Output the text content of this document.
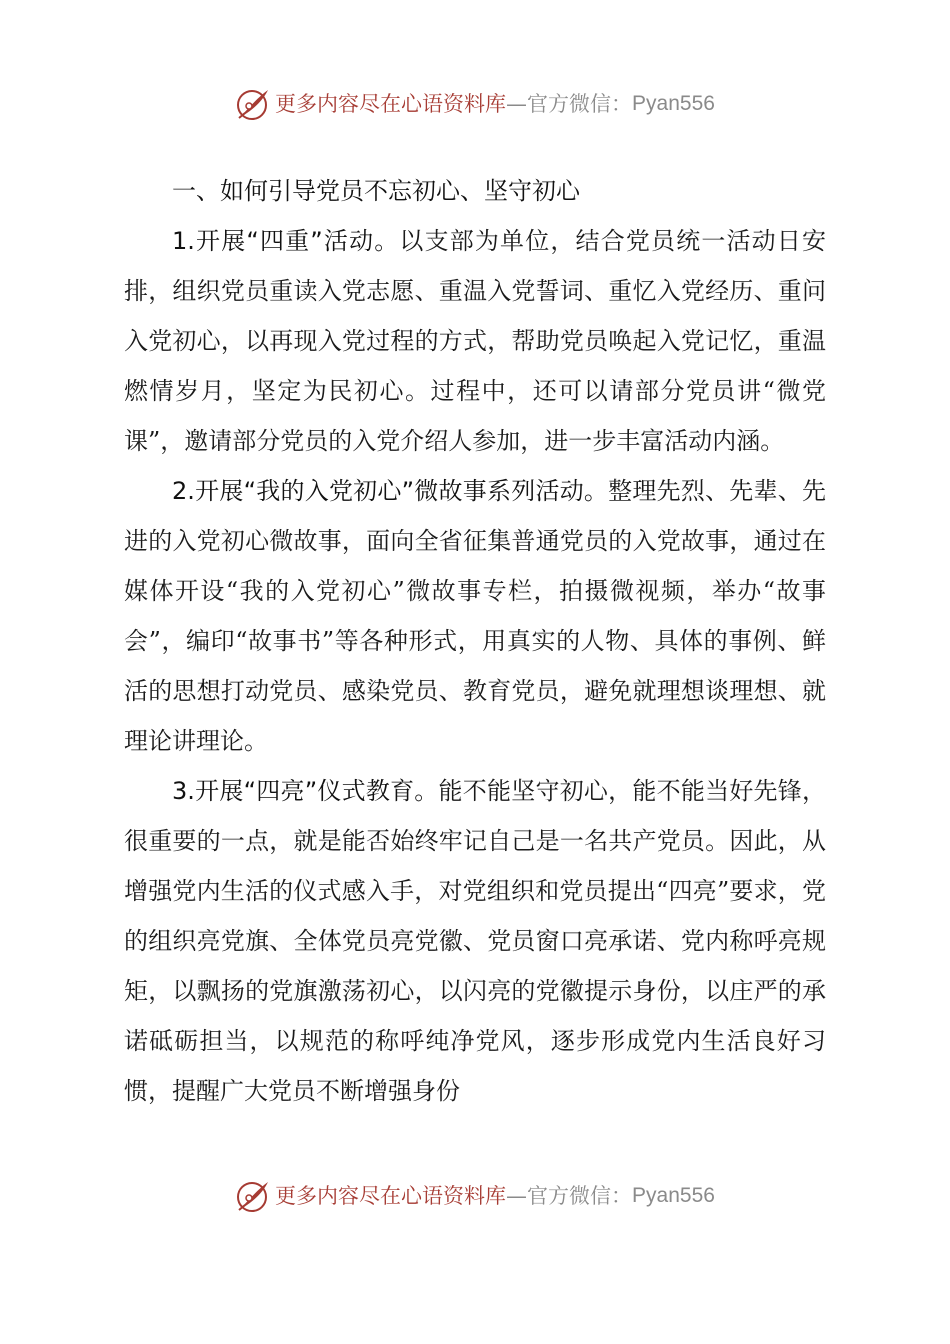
更多内容尽在心语资料库 — 官方微信： Pyan556
一、如何引导党员不忘初心、坚守初心

1.开展“四重”活动。以支部为单位，结合党员统一活动日安排，组织党员重读入党志愿、重温入党誓词、重忆入党经历、重问入党初心，以再现入党过程的方式，帮助党员唤起入党记忆，重温燃情岁月，坚定为民初心。过程中，还可以请部分党员讲“微党课”，邀请部分党员的入党介绍人参加，进一步丰富活动内涵。

2.开展“我的入党初心”微故事系列活动。整理先烈、先辈、先进的入党初心微故事，面向全省征集普通党员的入党故事，通过在媒体开设“我的入党初心”微故事专栏，拍摄微视频，举办“故事会”，编印“故事书”等各种形式，用真实的人物、具体的事例、鲜活的思想打动党员、感染党员、教育党员，避免就理想谈理想、就理论讲理论。

3.开展“四亮”仪式教育。能不能坚守初心，能不能当好先锋，很重要的一点，就是能否始终牢记自己是一名共产党员。因此，从增强党内生活的仪式感入手，对党组织和党员提出“四亮”要求，党的组织亮党旗、全体党员亮党徽、党员窗口亮承诺、党内称呼亮规矩，以飘扬的党旗激荡初心，以闪亮的党徽提示身份，以庄严的承诺砥砺担当，以规范的称呼纯净党风，逐步形成党内生活良好习惯，提醒广大党员不断增强身份

更多内容尽在心语资料库 — 官方微信： Pyan556
